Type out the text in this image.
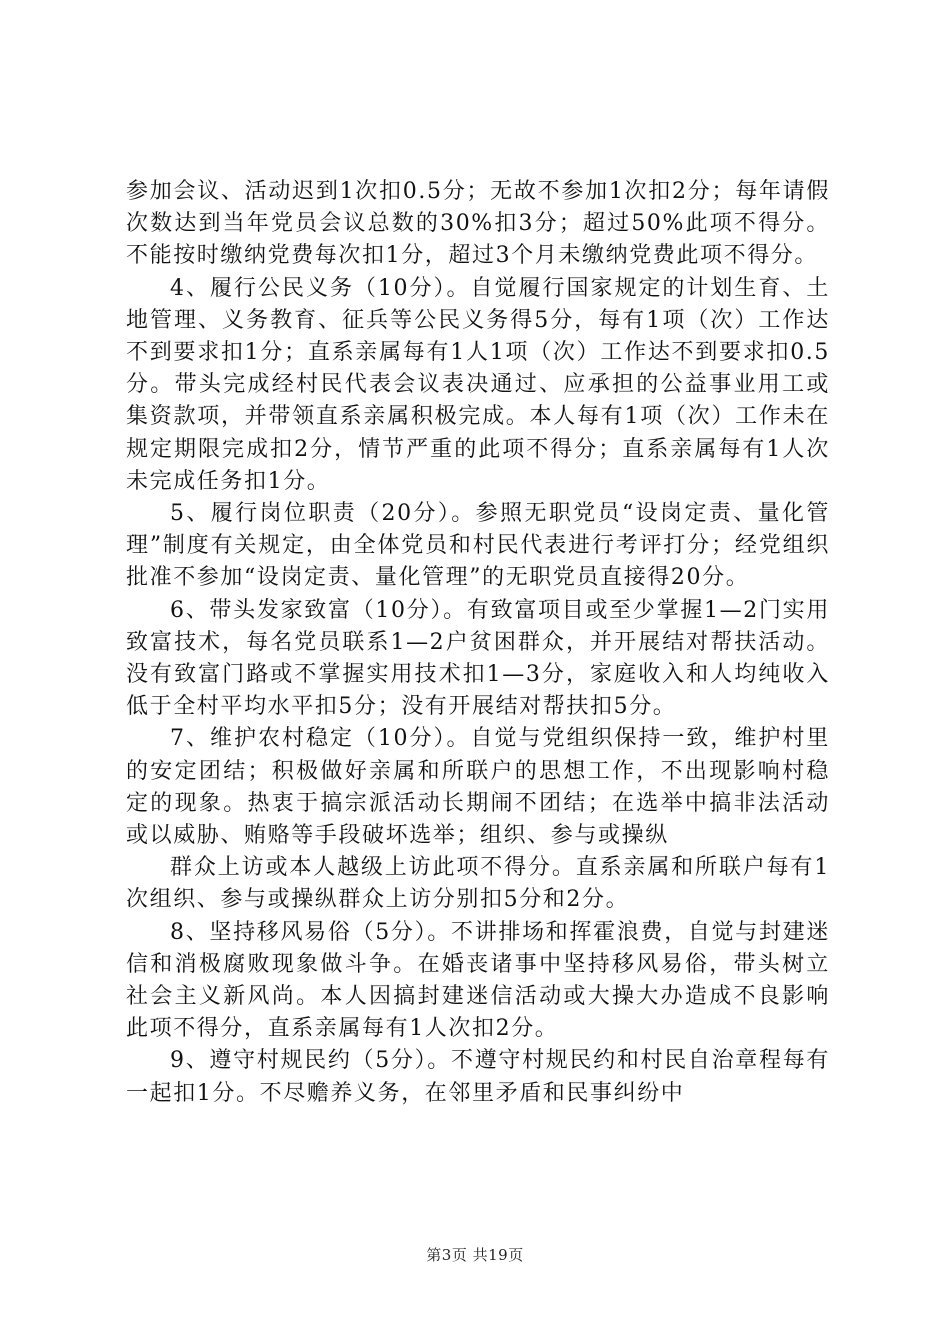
参加会议、活动迟到1次扣0.5分；无故不参加1次扣2分；每年请假次数达到当年党员会议总数的30%扣3分；超过50%此项不得分。不能按时缴纳党费每次扣1分，超过3个月未缴纳党费此项不得分。

4、履行公民义务（10分）。自觉履行国家规定的计划生育、土地管理、义务教育、征兵等公民义务得5分，每有1项（次）工作达不到要求扣1分；直系亲属每有1人1项（次）工作达不到要求扣0.5分。带头完成经村民代表会议表决通过、应承担的公益事业用工或集资款项，并带领直系亲属积极完成。本人每有1项（次）工作未在规定期限完成扣2分，情节严重的此项不得分；直系亲属每有1人次未完成任务扣1分。

5、履行岗位职责（20分）。参照无职党员“设岗定责、量化管理”制度有关规定，由全体党员和村民代表进行考评打分；经党组织批准不参加“设岗定责、量化管理”的无职党员直接得20分。

6、带头发家致富（10分）。有致富项目或至少掌握1—2门实用致富技术，每名党员联系1—2户贫困群众，并开展结对帮扶活动。没有致富门路或不掌握实用技术扣1—3分，家庭收入和人均纯收入低于全村平均水平扣5分；没有开展结对帮扶扣5分。

7、维护农村稳定（10分）。自觉与党组织保持一致，维护村里的安定团结；积极做好亲属和所联户的思想工作，不出现影响村稳定的现象。热衷于搞宗派活动长期闹不团结；在选举中搞非法活动或以威胁、贿赂等手段破坏选举；组织、参与或操纵

群众上访或本人越级上访此项不得分。直系亲属和所联户每有1次组织、参与或操纵群众上访分别扣5分和2分。

8、坚持移风易俗（5分）。不讲排场和挥霍浪费，自觉与封建迷信和消极腐败现象做斗争。在婚丧诸事中坚持移风易俗，带头树立社会主义新风尚。本人因搞封建迷信活动或大操大办造成不良影响此项不得分，直系亲属每有1人次扣2分。

9、遵守村规民约（5分）。不遵守村规民约和村民自治章程每有一起扣1分。不尽赡养义务，在邻里矛盾和民事纠纷中

第3页 共19页
